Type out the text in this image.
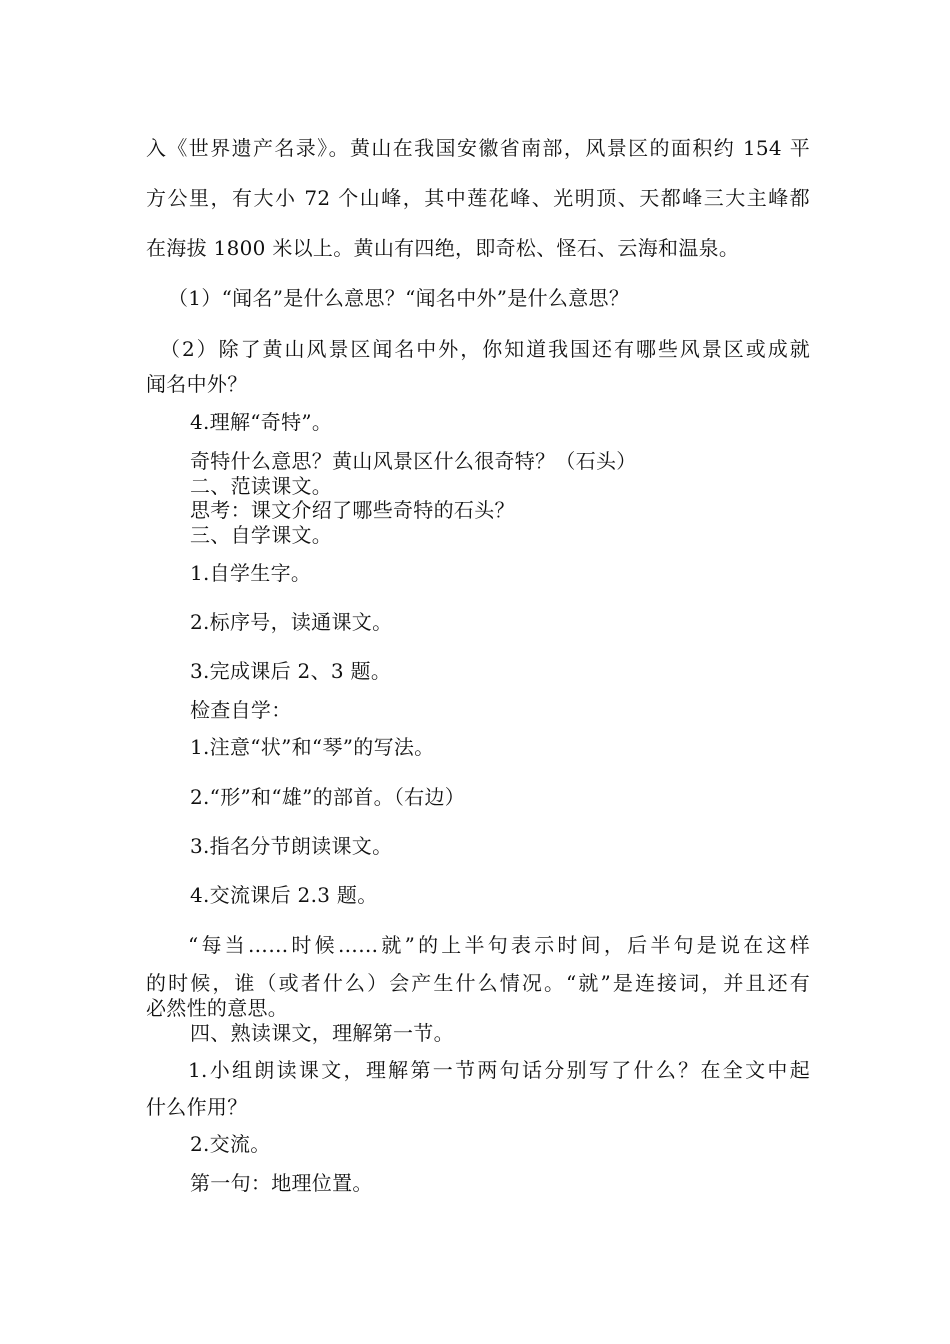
入《世界遗产名录》。黄山在我国安徽省南部，风景区的面积约 154 平
方公里，有大小 72 个山峰，其中莲花峰、光明顶、天都峰三大主峰都
在海拔 1800 米以上。黄山有四绝，即奇松、怪石、云海和温泉。
（1）“闻名”是什么意思？“闻名中外”是什么意思？
（2）除了黄山风景区闻名中外，你知道我国还有哪些风景区或成就
闻名中外？
4.理解“奇特”。
奇特什么意思？黄山风景区什么很奇特？（石头）
二、范读课文。
思考：课文介绍了哪些奇特的石头？
三、自学课文。
1.自学生字。
2.标序号，读通课文。
3.完成课后 2、3 题。
检查自学：
1.注意“状”和“琴”的写法。
2.“形”和“雄”的部首。（右边）
3.指名分节朗读课文。
4.交流课后 2.3 题。
“每当……时候……就”的上半句表示时间，后半句是说在这样
的时候，谁（或者什么）会产生什么情况。“就”是连接词，并且还有
必然性的意思。
四、熟读课文，理解第一节。
1.小组朗读课文，理解第一节两句话分别写了什么？在全文中起
什么作用？
2.交流。
第一句：地理位置。
